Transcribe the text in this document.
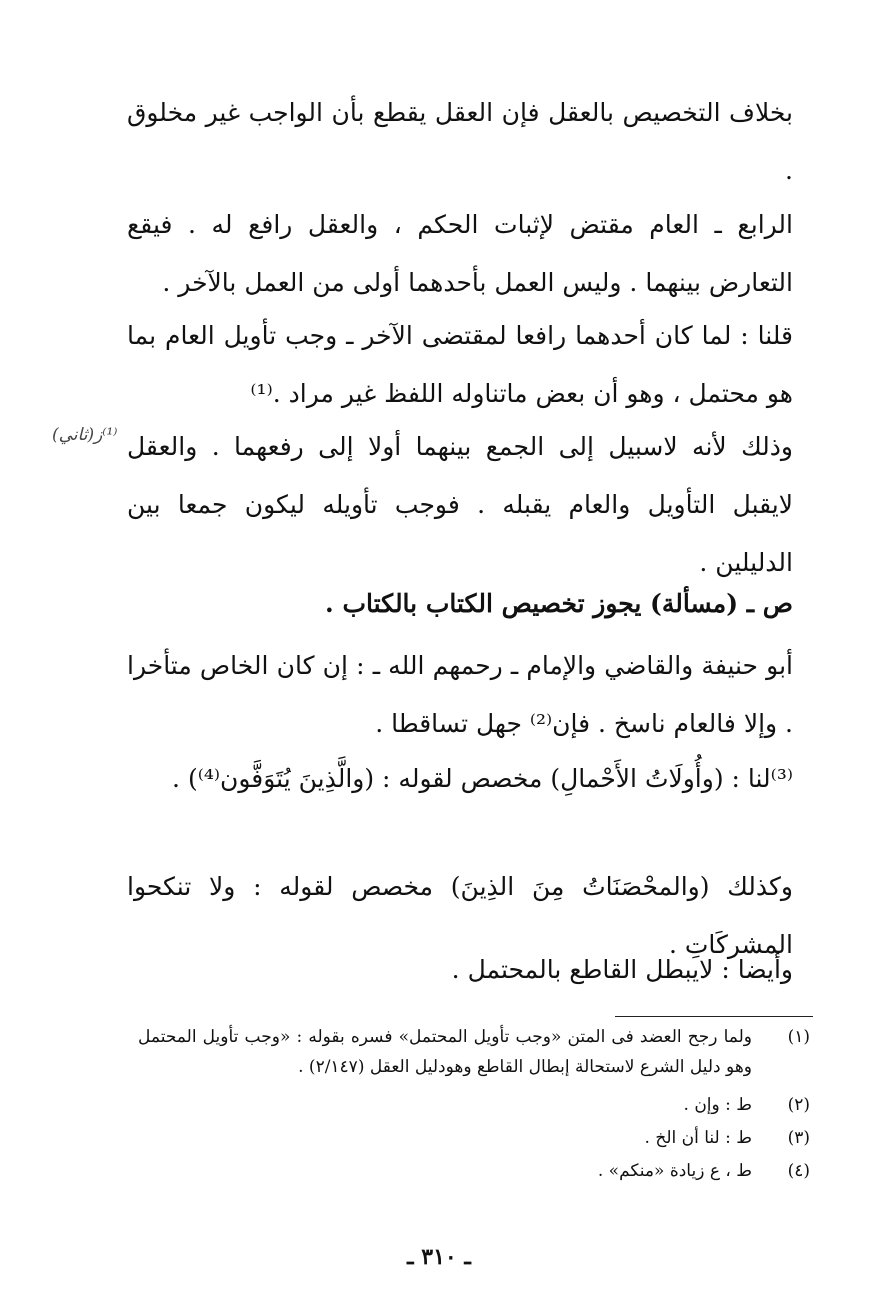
بخلاف التخصيص بالعقل فإن العقل يقطع بأن الواجب غير مخلوق .

الرابع ـ العام مقتض لإثبات الحكم ، والعقل رافع له . فيقع التعارض بينهما . وليس العمل بأحدهما أولى من العمل بالآخر .

قلنا : لما كان أحدهما رافعا لمقتضى الآخر ـ وجب تأويل العام بما هو محتمل ، وهو أن بعض ماتناوله اللفظ غير مراد .⁽¹⁾

وذلك لأنه لاسبيل إلى الجمع بينهما أولا إلى رفعهما . والعقل لايقبل التأويل والعام يقبله . فوجب تأويله ليكون جمعا بين الدليلين .

ص ـ (مسألة) يجوز تخصيص الكتاب بالكتاب .

أبو حنيفة والقاضي والإمام ـ رحمهم الله ـ : إن كان الخاص متأخرا . وإلا فالعام ناسخ . فإن⁽²⁾ جهل تساقطا .

⁽³⁾لنا : (وأُولَاتُ الأَحْمالِ) مخصص لقوله : (والَّذِينَ يُتَوَفَّون⁽⁴⁾) .

وكذلك (والمحْصَنَاتُ مِنَ الذِينَ) مخصص لقوله : ولا تنكحوا المشركَاتِ .

وأيضا : لايبطل القاطع بالمحتمل .

⁽¹⁾ز(ثاني)
(١)
ولما رجح العضد فى المتن «وجب تأويل المحتمل» فسره بقوله : «وجب تأويل المحتمل وهو دليل الشرع لاستحالة إبطال القاطع وهودليل العقل (٢/١٤٧) .
(٢)
ط : وإن .
(٣)
ط : لنا أن الخ .
(٤)
ط ، ع زيادة «منكم» .
ـ ٣١٠ ـ
